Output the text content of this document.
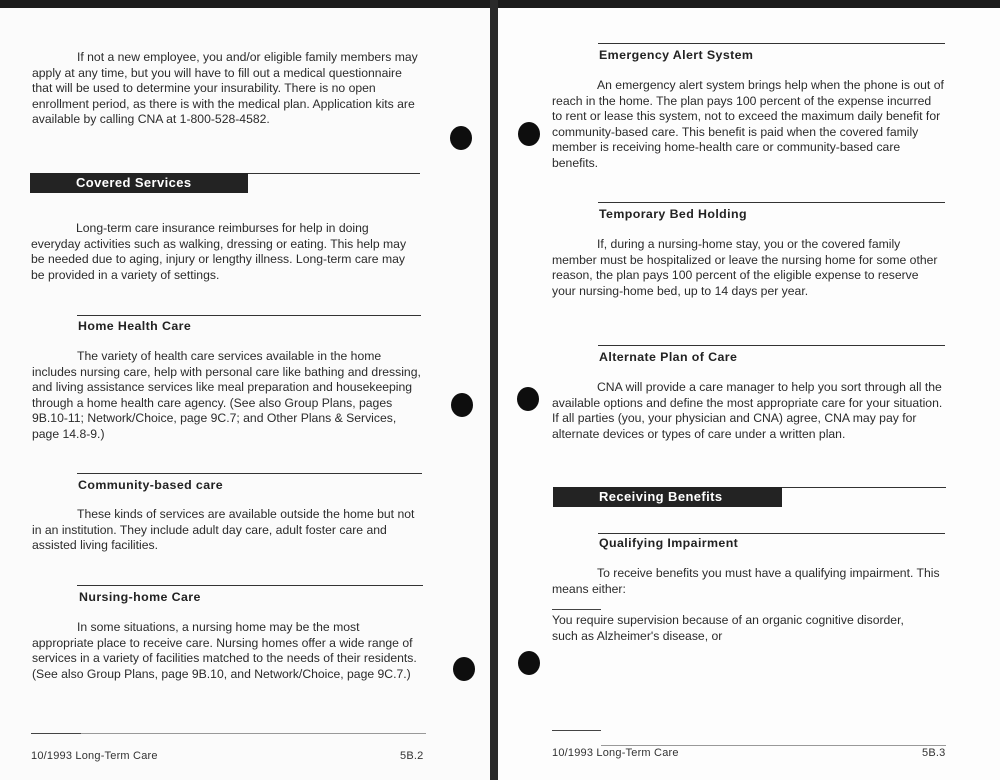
If not a new employee, you and/or eligible family members may apply at any time, but you will have to fill out a medical questionnaire that will be used to determine your insurability. There is no open enrollment period, as there is with the medical plan. Application kits are available by calling CNA at 1-800-528-4582.

Covered Services

Long-term care insurance reimburses for help in doing everyday activities such as walking, dressing or eating. This help may be needed due to aging, injury or lengthy illness. Long-term care may be provided in a variety of settings.

Home Health Care

The variety of health care services available in the home includes nursing care, help with personal care like bathing and dressing, and living assistance services like meal preparation and housekeeping through a home health care agency. (See also Group Plans, pages 9B.10-11; Network/Choice, page 9C.7; and Other Plans & Services, page 14.8-9.)

Community-based care

These kinds of services are available outside the home but not in an institution. They include adult day care, adult foster care and assisted living facilities.

Nursing-home Care

In some situations, a nursing home may be the most appropriate place to receive care. Nursing homes offer a wide range of services in a variety of facilities matched to the needs of their residents. (See also Group Plans, page 9B.10, and Network/Choice, page 9C.7.)

10/1993 Long-Term Care	5B.2
Emergency Alert System

An emergency alert system brings help when the phone is out of reach in the home. The plan pays 100 percent of the expense incurred to rent or lease this system, not to exceed the maximum daily benefit for community-based care. This benefit is paid when the covered family member is receiving home-health care or community-based care benefits.

Temporary Bed Holding

If, during a nursing-home stay, you or the covered family member must be hospitalized or leave the nursing home for some other reason, the plan pays 100 percent of the eligible expense to reserve your nursing-home bed, up to 14 days per year.

Alternate Plan of Care

CNA will provide a care manager to help you sort through all the available options and define the most appropriate care for your situation. If all parties (you, your physician and CNA) agree, CNA may pay for alternate devices or types of care under a written plan.

Receiving Benefits
Qualifying Impairment

To receive benefits you must have a qualifying impairment. This means either:

You require supervision because of an organic cognitive disorder, such as Alzheimer's disease, or

10/1993 Long-Term Care	5B.3
